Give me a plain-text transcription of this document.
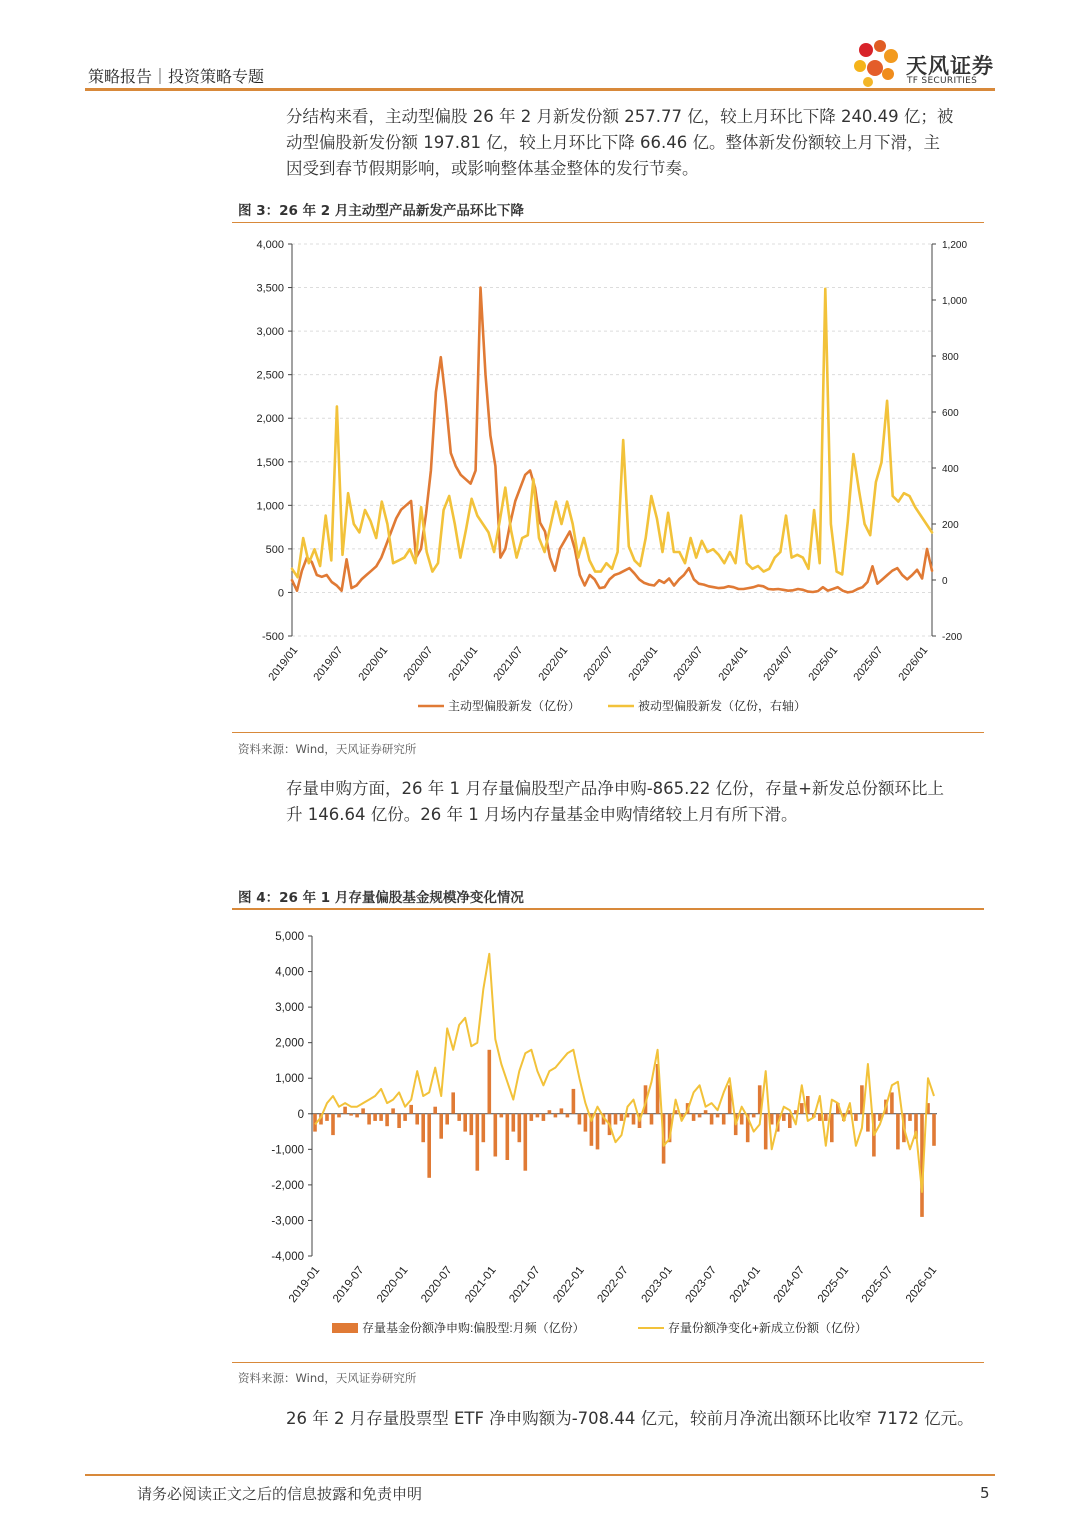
策略报告｜投资策略专题	天风证券
TF SECURITIES
分结构来看，主动型偏股 26 年 2 月新发份额 257.77 亿，较上月环比下降 240.49 亿；被
动型偏股新发份额 197.81 亿，较上月环比下降 66.46 亿。整体新发份额较上月下滑，主
因受到春节假期影响，或影响整体基金整体的发行节奏。
图 3：26 年 2 月主动型产品新发产品环比下降
4,000
3,500
3,000
2,500
2,000
1,500
1,000
500
0
-500
1,200
1,000
800
600
400
200
0
-200
2019/01 2019/07 2020/01 2020/07 2021/01 2021/07 2022/01 2022/07 2023/01 2023/07 2024/01 2024/07 2025/01 2025/07 2026/01
主动型偏股新发（亿份）	被动型偏股新发（亿份，右轴）
资料来源：Wind，天风证券研究所
存量申购方面，26 年 1 月存量偏股型产品净申购-865.22 亿份，存量+新发总份额环比上
升 146.64 亿份。26 年 1 月场内存量基金申购情绪较上月有所下滑。
图 4：26 年 1 月存量偏股基金规模净变化情况
5,000
4,000
3,000
2,000
1,000
0
-1,000
-2,000
-3,000
-4,000
2019-01 2019-07 2020-01 2020-07 2021-01 2021-07 2022-01 2022-07 2023-01 2023-07 2024-01 2024-07 2025-01 2025-07 2026-01
存量基金份额净申购:偏股型:月频（亿份）	存量份额净变化+新成立份额（亿份）
资料来源：Wind，天风证券研究所
26 年 2 月存量股票型 ETF 净申购额为-708.44 亿元，较前月净流出额环比收窄 7172 亿元。
请务必阅读正文之后的信息披露和免责申明	5
